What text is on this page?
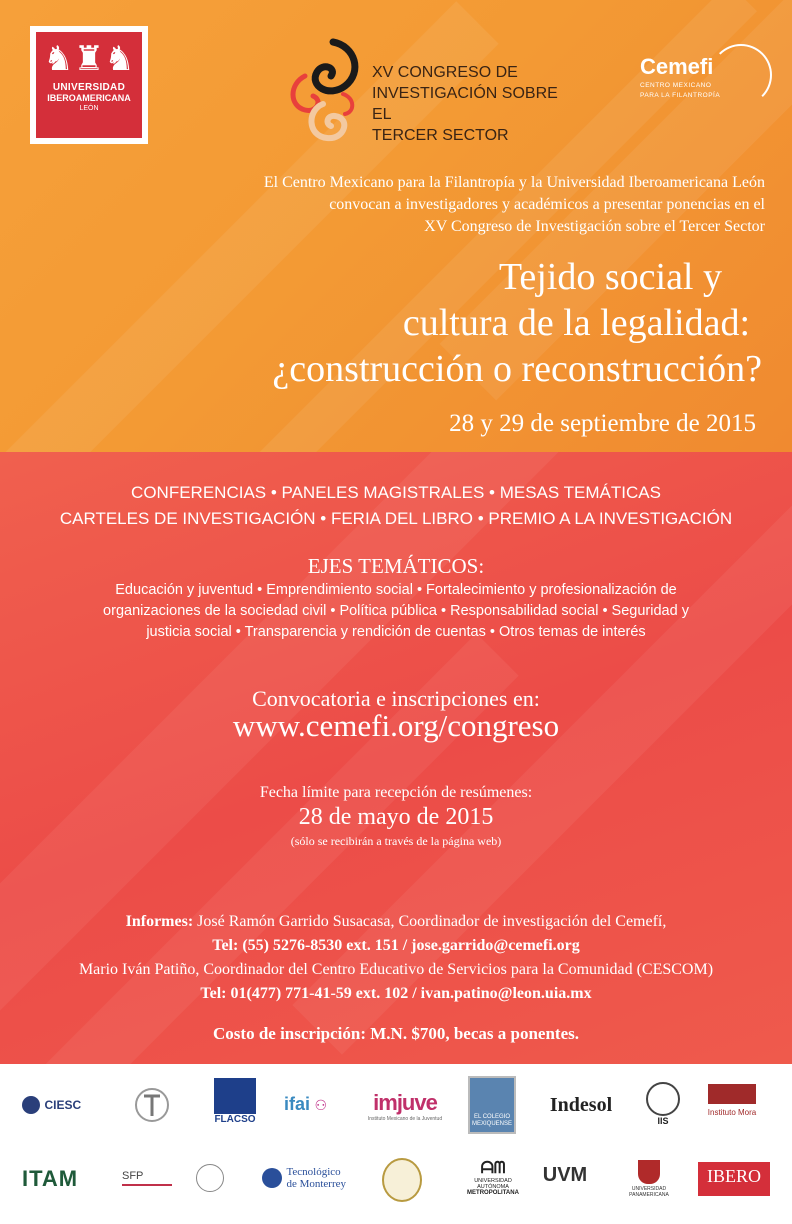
♞♜♞
UNIVERSIDAD
IBEROAMERICANA
LEÓN
XV CONGRESO DE
INVESTIGACIÓN SOBRE EL
TERCER SECTOR
Cemefi
CENTRO MEXICANO
PARA LA FILANTROPÍA
El Centro Mexicano para la Filantropía y la Universidad Iberoamericana León
convocan a investigadores y académicos a presentar ponencias en el
XV Congreso de Investigación sobre el Tercer Sector
Tejido social y
cultura de la legalidad:
¿construcción o reconstrucción?
28 y 29 de septiembre de 2015
CONFERENCIAS • PANELES MAGISTRALES • MESAS TEMÁTICAS
CARTELES DE INVESTIGACIÓN • FERIA DEL LIBRO • PREMIO A LA INVESTIGACIÓN
EJES TEMÁTICOS:
Educación y juventud • Emprendimiento social • Fortalecimiento y profesionalización de
organizaciones de la sociedad civil • Política pública • Responsabilidad social • Seguridad y
justicia social • Transparencia y rendición de cuentas • Otros temas de interés
Convocatoria e inscripciones en:
www.cemefi.org/congreso
Fecha límite para recepción de resúmenes:
28 de mayo de 2015
(sólo se recibirán a través de la página web)
Informes: José Ramón Garrido Susacasa, Coordinador de investigación del Cemefí,
Tel: (55) 5276-8530 ext. 151 / jose.garrido@cemefi.org
Mario Iván Patiño, Coordinador del Centro Educativo de Servicios para la Comunidad (CESCOM)
Tel: 01(477) 771-41-59 ext. 102 / ivan.patino@leon.uia.mx
Costo de inscripción: M.N. $700, becas a ponentes.
CIESC
FLACSO
ifai ⚇	imjuve
Instituto Mexicano de la Juventud	EL COLEGIO MEXIQUENSE
Indesol
IIS
Instituto Mora
ITAM	SFP	Tecnológico
de Monterrey
ᗩᗰ
UNIVERSIDAD AUTÓNOMA
METROPOLITANA
UVM
UNIVERSIDAD PANAMERICANA
IBERO
